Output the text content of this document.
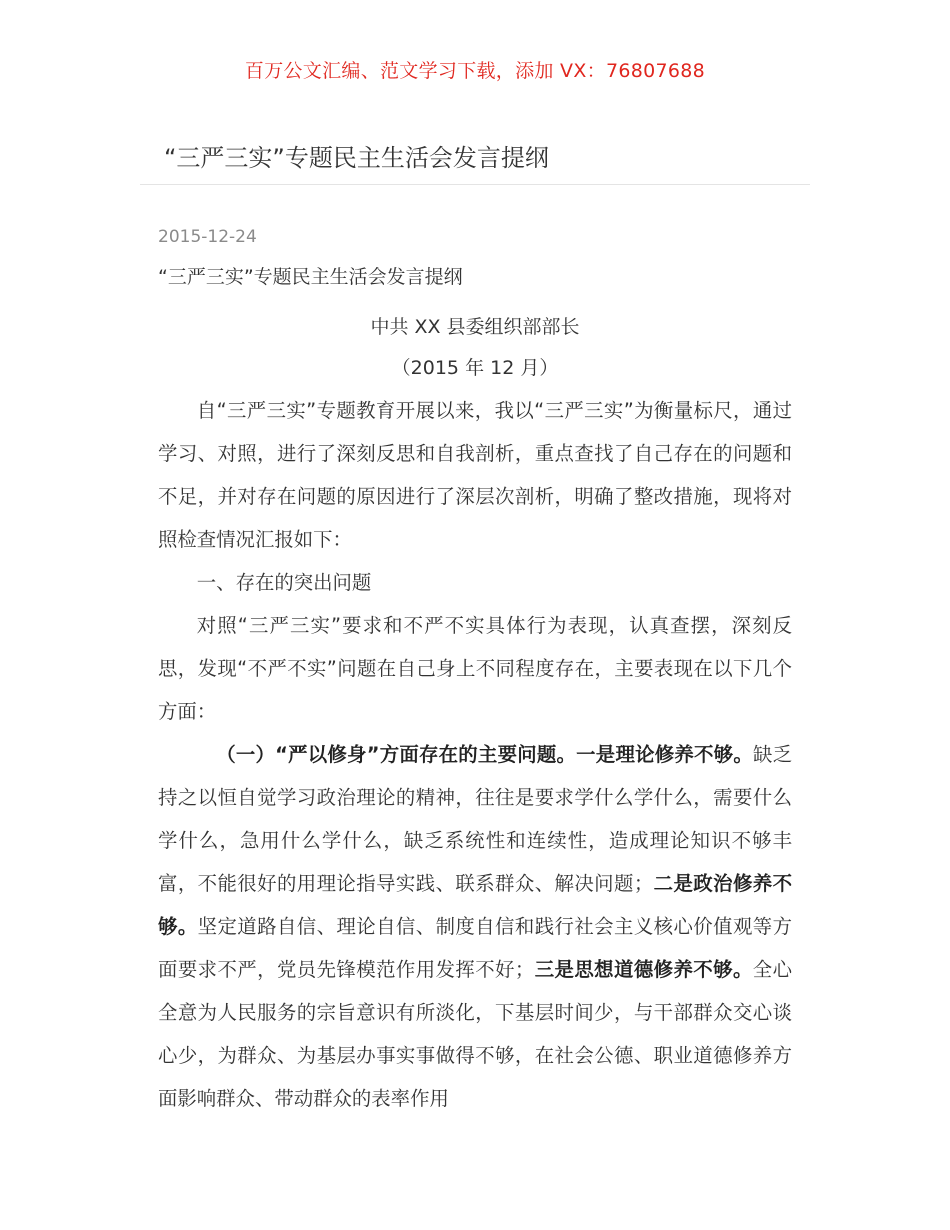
百万公文汇编、范文学习下载，添加 VX：76807688
“三严三实”专题民主生活会发言提纲
2015-12-24
“三严三实”专题民主生活会发言提纲
中共 XX 县委组织部部长
（2015 年 12 月）

自“三严三实”专题教育开展以来，我以“三严三实”为衡量标尺，通过学习、对照，进行了深刻反思和自我剖析，重点查找了自己存在的问题和不足，并对存在问题的原因进行了深层次剖析，明确了整改措施，现将对照检查情况汇报如下：

一、存在的突出问题

对照“三严三实”要求和不严不实具体行为表现，认真查摆，深刻反思，发现“不严不实”问题在自己身上不同程度存在，主要表现在以下几个方面：

（一）“严以修身”方面存在的主要问题。一是理论修养不够。缺乏持之以恒自觉学习政治理论的精神，往往是要求学什么学什么，需要什么学什么，急用什么学什么，缺乏系统性和连续性，造成理论知识不够丰富，不能很好的用理论指导实践、联系群众、解决问题；二是政治修养不够。坚定道路自信、理论自信、制度自信和践行社会主义核心价值观等方面要求不严，党员先锋模范作用发挥不好；三是思想道德修养不够。全心全意为人民服务的宗旨意识有所淡化，下基层时间少，与干部群众交心谈心少，为群众、为基层办事实事做得不够，在社会公德、职业道德修养方面影响群众、带动群众的表率作用
